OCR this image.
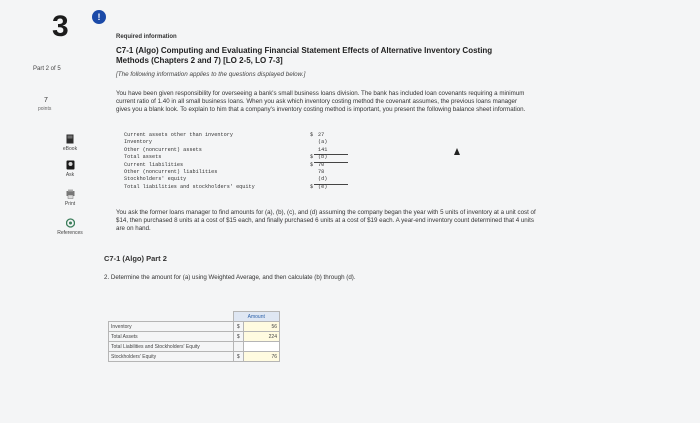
3
Part 2 of 5
7
points
eBook
Ask
Print
References
!
Required information
C7-1 (Algo) Computing and Evaluating Financial Statement Effects of Alternative Inventory Costing Methods (Chapters 2 and 7) [LO 2-5, LO 7-3]
[The following information applies to the questions displayed below.]
You have been given responsibility for overseeing a bank's small business loans division. The bank has included loan covenants requiring a minimum current ratio of 1.40 in all small business loans. When you ask which inventory costing method the covenant assumes, the previous loans manager gives you a blank look. To explain to him that a company's inventory costing method is important, you present the following balance sheet information.
Current assets other than inventory	$ 27
Inventory	(a)
Other (noncurrent) assets	141
Total assets	$ (b)
Current liabilities	$ 70
Other (noncurrent) liabilities	78
Stockholders' equity	(d)
Total liabilities and stockholders' equity	$ (e)
You ask the former loans manager to find amounts for (a), (b), (c), and (d) assuming the company began the year with 5 units of inventory at a unit cost of $14, then purchased 8 units at a cost of $15 each, and finally purchased 6 units at a cost of $19 each. A year-end inventory count determined that 4 units are on hand.
C7-1 (Algo) Part 2
2. Determine the amount for (a) using Weighted Average, and then calculate (b) through (d).
	Amount	
Inventory	$	56
Total Assets	$	224
Total Liabilities and Stockholders' Equity		
Stockholders' Equity	$	76
